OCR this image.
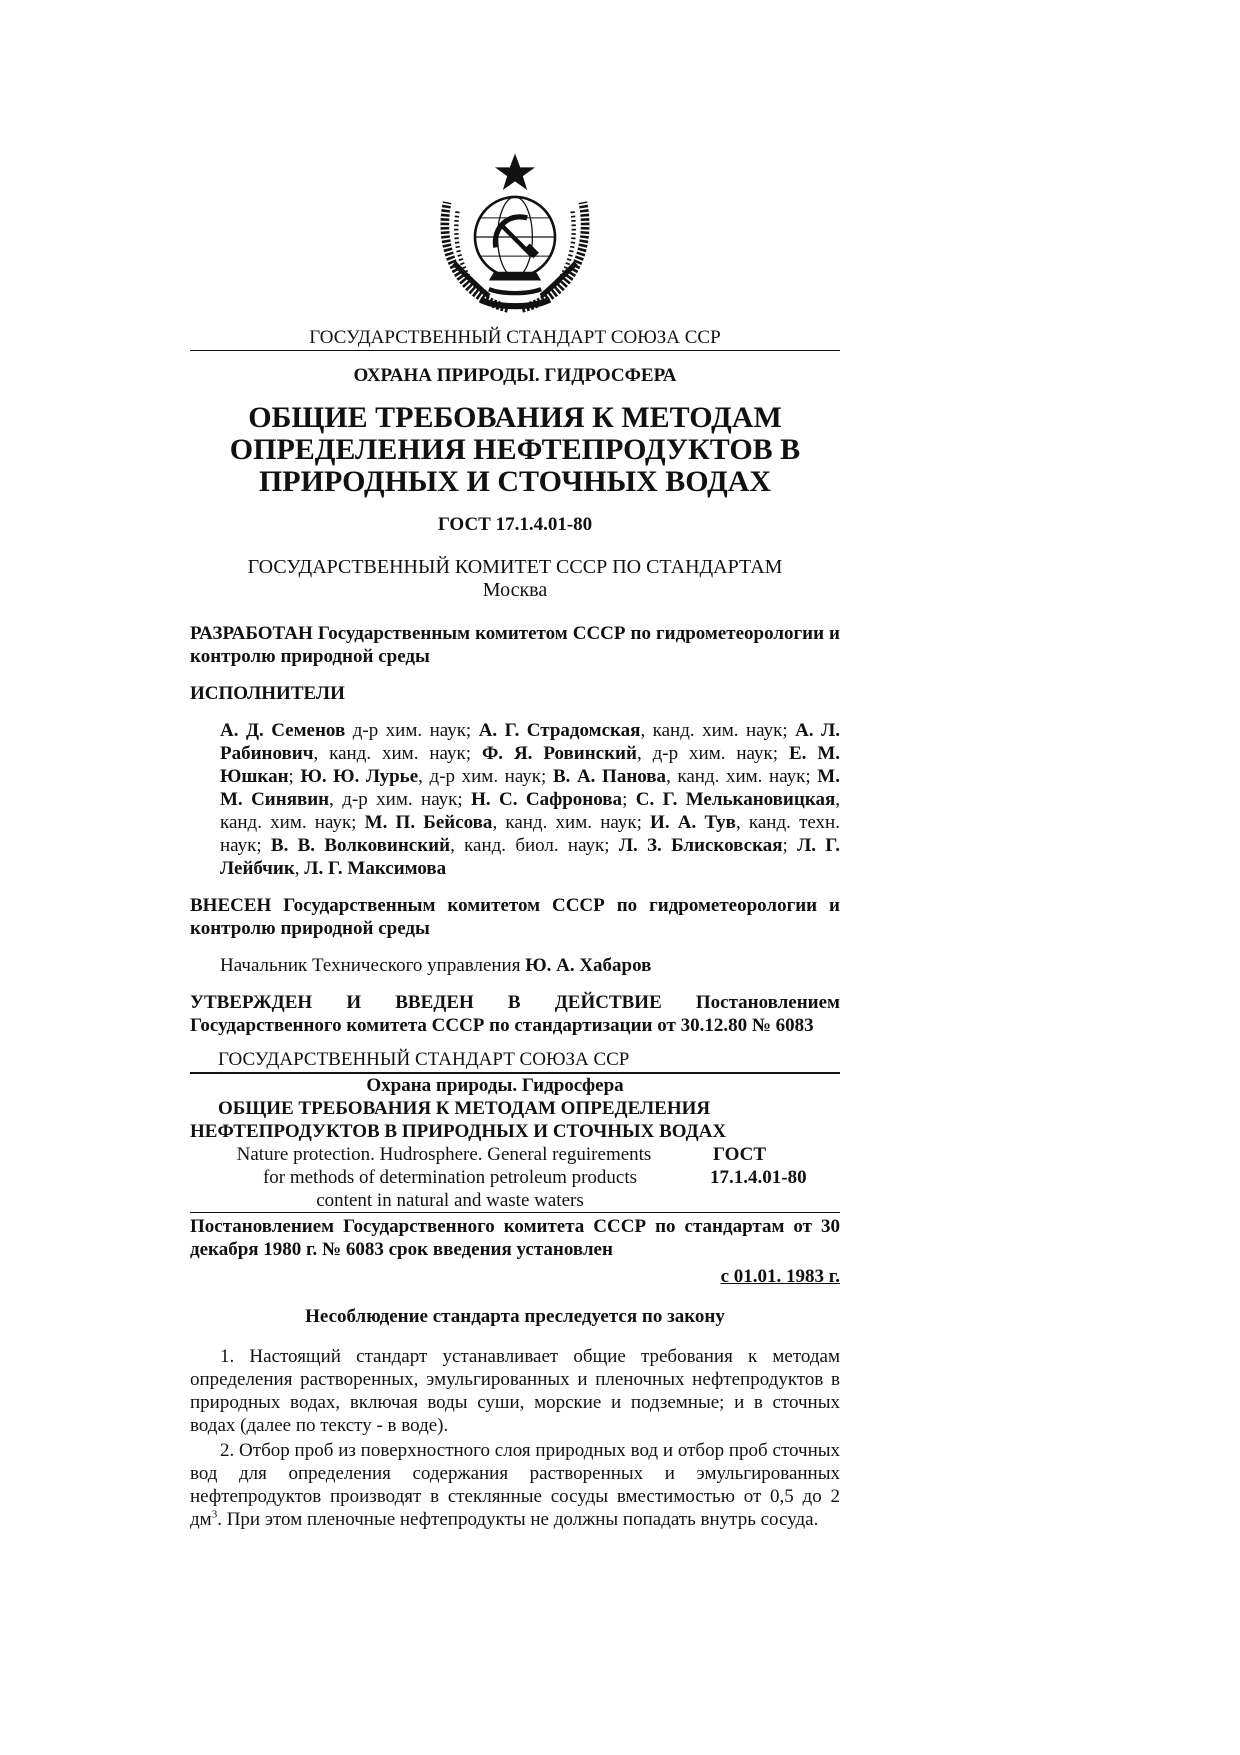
ГОСУДАРСТВЕННЫЙ СТАНДАРТ СОЮЗА ССР
ОХРАНА ПРИРОДЫ. ГИДРОСФЕРА
ОБЩИЕ ТРЕБОВАНИЯ К МЕТОДАМ
ОПРЕДЕЛЕНИЯ НЕФТЕПРОДУКТОВ В
ПРИРОДНЫХ И СТОЧНЫХ ВОДАХ
ГОСТ 17.1.4.01-80
ГОСУДАРСТВЕННЫЙ КОМИТЕТ СССР ПО СТАНДАРТАМ
Москва
РАЗРАБОТАН Государственным комитетом СССР по гидрометеорологии и контролю природной среды
ИСПОЛНИТЕЛИ
А. Д. Семенов д-р хим. наук; А. Г. Страдомская, канд. хим. наук; А. Л. Рабинович, канд. хим. наук; Ф. Я. Ровинский, д-р хим. наук; Е. М. Юшкан; Ю. Ю. Лурье, д-р хим. наук; В. А. Панова, канд. хим. наук; М. М. Синявин, д-р хим. наук; Н. С. Сафронова; С. Г. Мелькановицкая, канд. хим. наук; М. П. Бейсова, канд. хим. наук; И. А. Тув, канд. техн. наук; В. В. Волковинский, канд. биол. наук; Л. З. Блисковская; Л. Г. Лейбчик, Л. Г. Максимова
ВНЕСЕН Государственным комитетом СССР по гидрометеорологии и контролю природной среды
Начальник Технического управления Ю. А. Хабаров
УТВЕРЖДЕН И ВВЕДЕН В ДЕЙСТВИЕ Постановлением Государственного комитета СССР по стандартизации от 30.12.80 № 6083
ГОСУДАРСТВЕННЫЙ СТАНДАРТ СОЮЗА ССР
Охрана природы. Гидросфера
ОБЩИЕ ТРЕБОВАНИЯ К МЕТОДАМ ОПРЕДЕЛЕНИЯ
НЕФТЕПРОДУКТОВ В ПРИРОДНЫХ И СТОЧНЫХ ВОДАХ
Nature protection. Hudrosphere. General reguirements	ГОСТ
for methods of determination petroleum products	17.1.4.01-80
content in natural and waste waters
Постановлением Государственного комитета СССР по стандартам от 30 декабря 1980 г. № 6083 срок введения установлен
с 01.01. 1983 г.
Несоблюдение стандарта преследуется по закону
1. Настоящий стандарт устанавливает общие требования к методам определения растворенных, эмульгированных и пленочных нефтепродуктов в природных водах, включая воды суши, морские и подземные; и в сточных водах (далее по тексту - в воде).
2. Отбор проб из поверхностного слоя природных вод и отбор проб сточных вод для определения содержания растворенных и эмульгированных нефтепродуктов производят в стеклянные сосуды вместимостью от 0,5 до 2 $дм^3$. При этом пленочные нефтепродукты не должны попадать внутрь сосуда.
